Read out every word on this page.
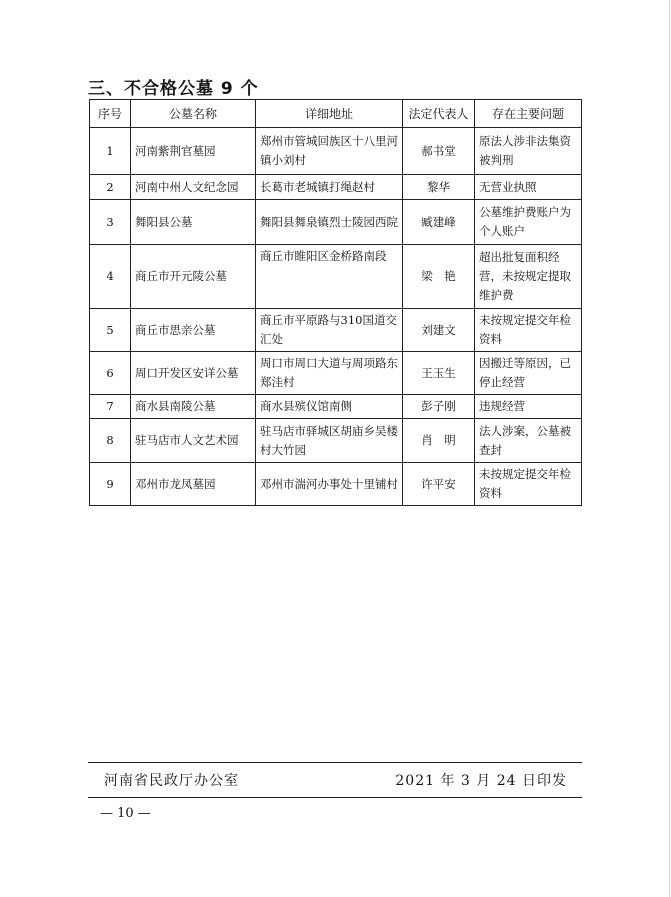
三、不合格公墓 9 个
序号	公墓名称	详细地址	法定代表人	存在主要问题
1	河南紫荆官墓园	郑州市管城回族区十八里河镇小刘村	郝书堂	原法人涉非法集资被判刑
2	河南中州人文纪念园	长葛市老城镇打绳赵村	黎华	无营业执照
3	舞阳县公墓	舞阳县舞泉镇烈士陵园西院	臧建峰	公墓维护费账户为个人账户
4	商丘市开元陵公墓	商丘市睢阳区金桥路南段	梁　艳	超出批复面积经营，未按规定提取维护费
5	商丘市思亲公墓	商丘市平原路与310国道交汇处	刘建文	未按规定提交年检资料
6	周口开发区安详公墓	周口市周口大道与周项路东郑洼村	王玉生	因搬迁等原因，已停止经营
7	商水县南陵公墓	商水县殡仪馆南侧	彭子刚	违规经营
8	驻马店市人文艺术园	驻马店市驿城区胡庙乡吴楼村大竹园	肖　明	法人涉案，公墓被查封
9	邓州市龙凤墓园	邓州市湍河办事处十里铺村	许平安	未按规定提交年检资料
河南省民政厅办公室	2021 年 3 月 24 日印发
— 10 —
